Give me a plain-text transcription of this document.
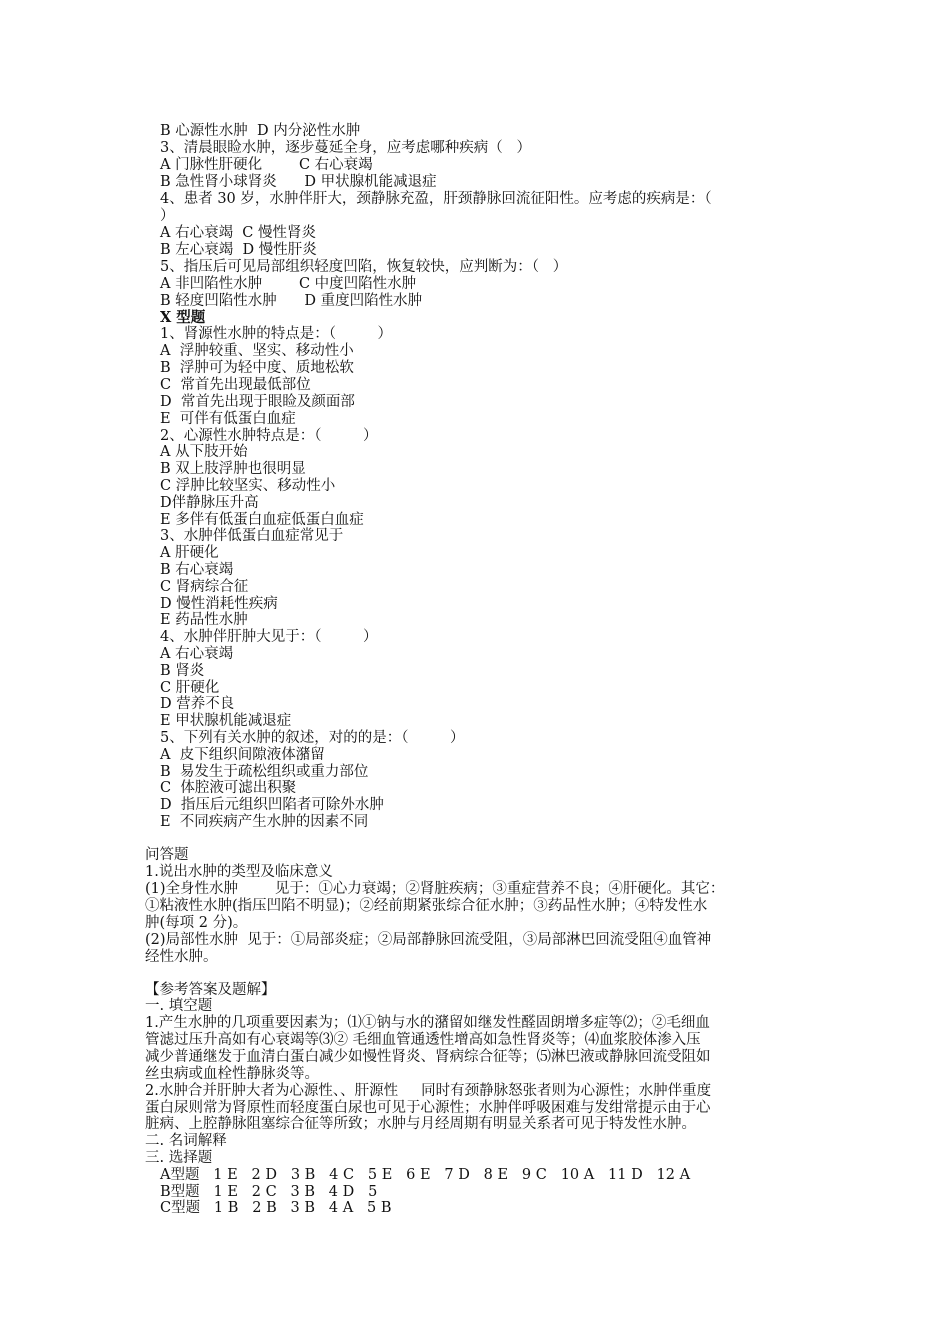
B 心源性水肿  D 内分泌性水肿
3、清晨眼睑水肿，逐步蔓延全身，应考虑哪种疾病（   ）
A 门脉性肝硬化        C 右心衰竭
B 急性肾小球肾炎      D 甲状腺机能减退症
4、患者 30 岁，水肿伴肝大，颈静脉充盈，肝颈静脉回流征阳性。应考虑的疾病是：（
）
A 右心衰竭  C 慢性肾炎
B 左心衰竭  D 慢性肝炎
5、指压后可见局部组织轻度凹陷，恢复较快，应判断为：（   ）
A 非凹陷性水肿        C 中度凹陷性水肿
B 轻度凹陷性水肿      D 重度凹陷性水肿
X 型题
1、肾源性水肿的特点是：（         ）
A  浮肿较重、坚实、移动性小
B  浮肿可为轻中度、质地松软
C  常首先出现最低部位
D  常首先出现于眼睑及颜面部
E  可伴有低蛋白血症
2、心源性水肿特点是：（         ）
A 从下肢开始
B 双上肢浮肿也很明显
C 浮肿比较坚实、移动性小
D伴静脉压升高
E 多伴有低蛋白血症低蛋白血症
3、水肿伴低蛋白血症常见于
A 肝硬化
B 右心衰竭
C 肾病综合征
D 慢性消耗性疾病
E 药品性水肿
4、水肿伴肝肿大见于：（         ）
A 右心衰竭
B 肾炎
C 肝硬化
D 营养不良
E 甲状腺机能减退症
5、下列有关水肿的叙述，对的的是：（         ）
A  皮下组织间隙液体潴留
B  易发生于疏松组织或重力部位
C  体腔液可滤出积聚
D  指压后元组织凹陷者可除外水肿
E  不同疾病产生水肿的因素不同
问答题
1.说出水肿的类型及临床意义
(1)全身性水肿        见于：①心力衰竭；②肾脏疾病；③重症营养不良；④肝硬化。其它：
①粘液性水肿(指压凹陷不明显)；②经前期紧张综合征水肿；③药品性水肿；④特发性水
肿(每项 2 分)。
(2)局部性水肿  见于：①局部炎症；②局部静脉回流受阻，③局部淋巴回流受阻④血管神
经性水肿。
【参考答案及题解】
一. 填空题
1.产生水肿的几项重要因素为；⑴①钠与水的潴留如继发性醛固朗增多症等⑵；②毛细血
管滤过压升高如有心衰竭等⑶② 毛细血管通透性增高如急性肾炎等；⑷血浆胶体渗入压
减少普通继发于血清白蛋白减少如慢性肾炎、肾病综合征等；⑸淋巴液或静脉回流受阻如
丝虫病或血栓性静脉炎等。
2.水肿合并肝肿大者为心源性、、肝源性     同时有颈静脉怒张者则为心源性；水肿伴重度
蛋白尿则常为肾原性而轻度蛋白尿也可见于心源性；水肿伴呼吸困难与发绀常提示由于心
脏病、上腔静脉阻塞综合征等所致；水肿与月经周期有明显关系者可见于特发性水肿。
二. 名词解释
三. 选择题
A型题   1 E   2 D   3 B   4 C   5 E   6 E   7 D   8 E   9 C   10 A   11 D   12 A
B型题   1 E   2 C   3 B   4 D   5
C型题   1 B   2 B   3 B   4 A   5 B
